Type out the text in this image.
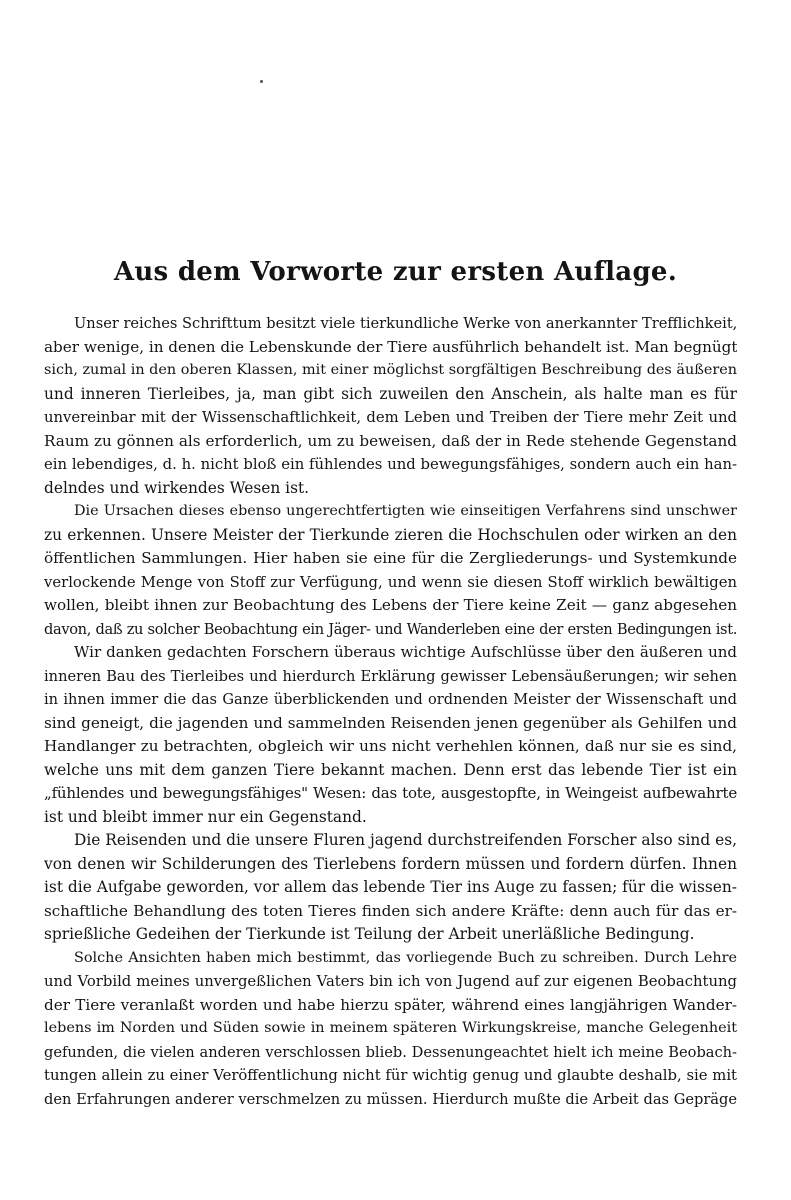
Aus dem Vorworte zur ersten Auflage.
Unser reiches Schrifttum besitzt viele tierkundliche Werke von anerkannter Trefflichkeit,
aber wenige, in denen die Lebenskunde der Tiere ausführlich behandelt ist. Man begnügt
sich, zumal in den oberen Klassen, mit einer möglichst sorgfältigen Beschreibung des äußeren
und inneren Tierleibes, ja, man gibt sich zuweilen den Anschein, als halte man es für
unvereinbar mit der Wissenschaftlichkeit, dem Leben und Treiben der Tiere mehr Zeit und
Raum zu gönnen als erforderlich, um zu beweisen, daß der in Rede stehende Gegenstand
ein lebendiges, d. h. nicht bloß ein fühlendes und bewegungsfähiges, sondern auch ein han-
delndes und wirkendes Wesen ist.
Die Ursachen dieses ebenso ungerechtfertigten wie einseitigen Verfahrens sind unschwer
zu erkennen. Unsere Meister der Tierkunde zieren die Hochschulen oder wirken an den
öffentlichen Sammlungen. Hier haben sie eine für die Zergliederungs- und Systemkunde
verlockende Menge von Stoff zur Verfügung, und wenn sie diesen Stoff wirklich bewältigen
wollen, bleibt ihnen zur Beobachtung des Lebens der Tiere keine Zeit — ganz abgesehen
davon, daß zu solcher Beobachtung ein Jäger- und Wanderleben eine der ersten Bedingungen ist.
Wir danken gedachten Forschern überaus wichtige Aufschlüsse über den äußeren und
inneren Bau des Tierleibes und hierdurch Erklärung gewisser Lebensäußerungen; wir sehen
in ihnen immer die das Ganze überblickenden und ordnenden Meister der Wissenschaft und
sind geneigt, die jagenden und sammelnden Reisenden jenen gegenüber als Gehilfen und
Handlanger zu betrachten, obgleich wir uns nicht verhehlen können, daß nur sie es sind,
welche uns mit dem ganzen Tiere bekannt machen. Denn erst das lebende Tier ist ein
„fühlendes und bewegungsfähiges" Wesen: das tote, ausgestopfte, in Weingeist aufbewahrte
ist und bleibt immer nur ein Gegenstand.
Die Reisenden und die unsere Fluren jagend durchstreifenden Forscher also sind es,
von denen wir Schilderungen des Tierlebens fordern müssen und fordern dürfen. Ihnen
ist die Aufgabe geworden, vor allem das lebende Tier ins Auge zu fassen; für die wissen-
schaftliche Behandlung des toten Tieres finden sich andere Kräfte: denn auch für das er-
sprießliche Gedeihen der Tierkunde ist Teilung der Arbeit unerläßliche Bedingung.
Solche Ansichten haben mich bestimmt, das vorliegende Buch zu schreiben. Durch Lehre
und Vorbild meines unvergeßlichen Vaters bin ich von Jugend auf zur eigenen Beobachtung
der Tiere veranlaßt worden und habe hierzu später, während eines langjährigen Wander-
lebens im Norden und Süden sowie in meinem späteren Wirkungskreise, manche Gelegenheit
gefunden, die vielen anderen verschlossen blieb. Dessenungeachtet hielt ich meine Beobach-
tungen allein zu einer Veröffentlichung nicht für wichtig genug und glaubte deshalb, sie mit
den Erfahrungen anderer verschmelzen zu müssen. Hierdurch mußte die Arbeit das Gepräge
